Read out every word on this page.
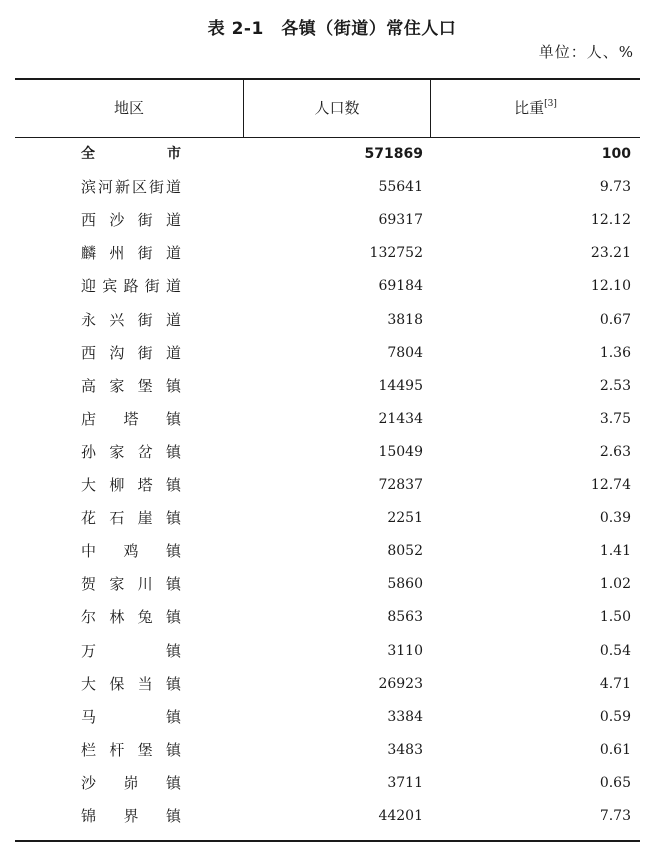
表 2-1　各镇（街道）常住人口
单位：人、%
地区	人口数	比重[3]
全市	571869	100
滨河新区街道	55641	9.73
西沙街道	69317	12.12
麟州街道	132752	23.21
迎宾路街道	69184	12.10
永兴街道	3818	0.67
西沟街道	7804	1.36
高家堡镇	14495	2.53
店塔镇	21434	3.75
孙家岔镇	15049	2.63
大柳塔镇	72837	12.74
花石崖镇	2251	0.39
中鸡镇	8052	1.41
贺家川镇	5860	1.02
尔林兔镇	8563	1.50
万镇	3110	0.54
大保当镇	26923	4.71
马镇	3384	0.59
栏杆堡镇	3483	0.61
沙峁镇	3711	0.65
锦界镇	44201	7.73
